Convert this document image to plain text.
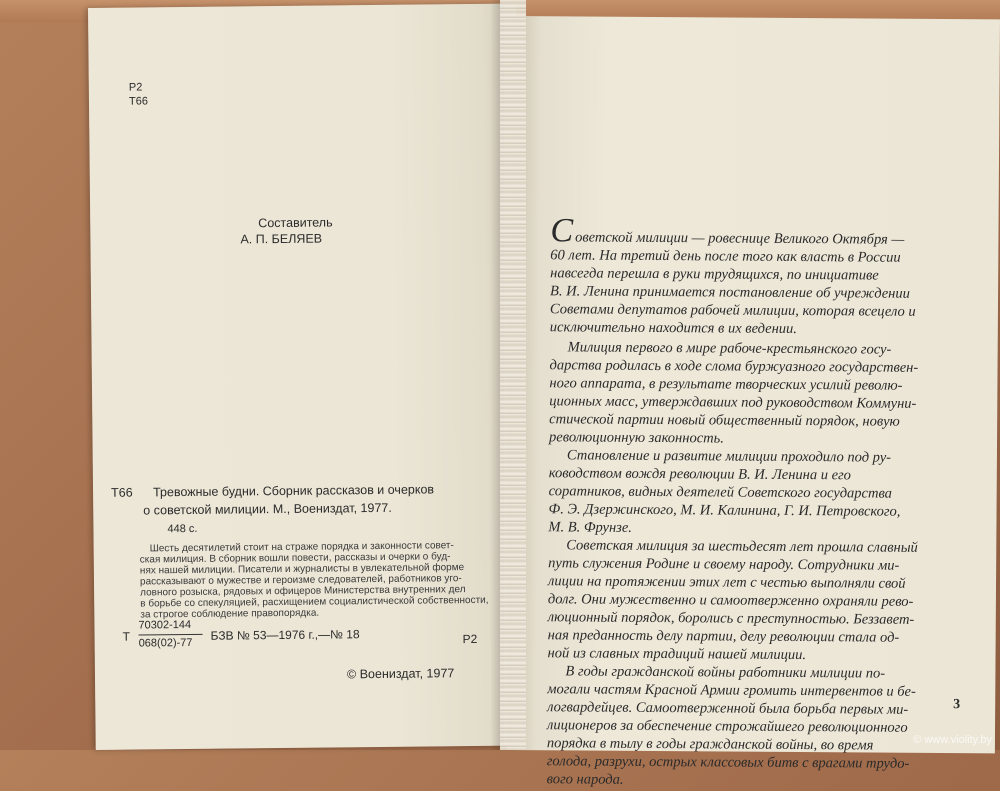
Р2
Т66
Составитель
А. П. БЕЛЯЕВ
Т66 Тревожные будни. Сборник рассказов и очерков
о советской милиции. М., Воениздат, 1977.
448 с.
Шесть десятилетий стоит на страже порядка и законности совет-
ская милиция. В сборник вошли повести, рассказы и очерки о буд-
нях нашей милиции. Писатели и журналисты в увлекательной форме
рассказывают о мужестве и героизме следователей, работников уго-
ловного розыска, рядовых и офицеров Министерства внутренних дел
в борьбе со спекуляцией, расхищением социалистической собственности,
за строгое соблюдение правопорядка.
Т
70302-144
068(02)-77
БЗВ № 53—1976 г.,—№ 18	Р2
© Воениздат, 1977
Советской милиции — ровеснице Великого Октября —
60 лет. На третий день после того как власть в России
навсегда перешла в руки трудящихся, по инициативе
В. И. Ленина принимается постановление об учреждении
Советами депутатов рабочей милиции, которая всецело и
исключительно находится в их ведении.
Милиция первого в мире рабоче-крестьянского госу-
дарства родилась в ходе слома буржуазного государствен-
ного аппарата, в результате творческих усилий револю-
ционных масс, утверждавших под руководством Коммуни-
стической партии новый общественный порядок, новую
революционную законность.
Становление и развитие милиции проходило под ру-
ководством вождя революции В. И. Ленина и его
соратников, видных деятелей Советского государства
Ф. Э. Дзержинского, М. И. Калинина, Г. И. Петровского,
М. В. Фрунзе.
Советская милиция за шестьдесят лет прошла славный
путь служения Родине и своему народу. Сотрудники ми-
лиции на протяжении этих лет с честью выполняли свой
долг. Они мужественно и самоотверженно охраняли рево-
люционный порядок, боролись с преступностью. Беззавет-
ная преданность делу партии, делу революции стала од-
ной из славных традиций нашей милиции.
В годы гражданской войны работники милиции по-
могали частям Красной Армии громить интервентов и бе-
логвардейцев. Самоотверженной была борьба первых ми-
лиционеров за обеспечение строжайшего революционного
порядка в тылу в годы гражданской войны, во время
голода, разрухи, острых классовых битв с врагами трудо-
вого народа.
3
© www.violity.by
